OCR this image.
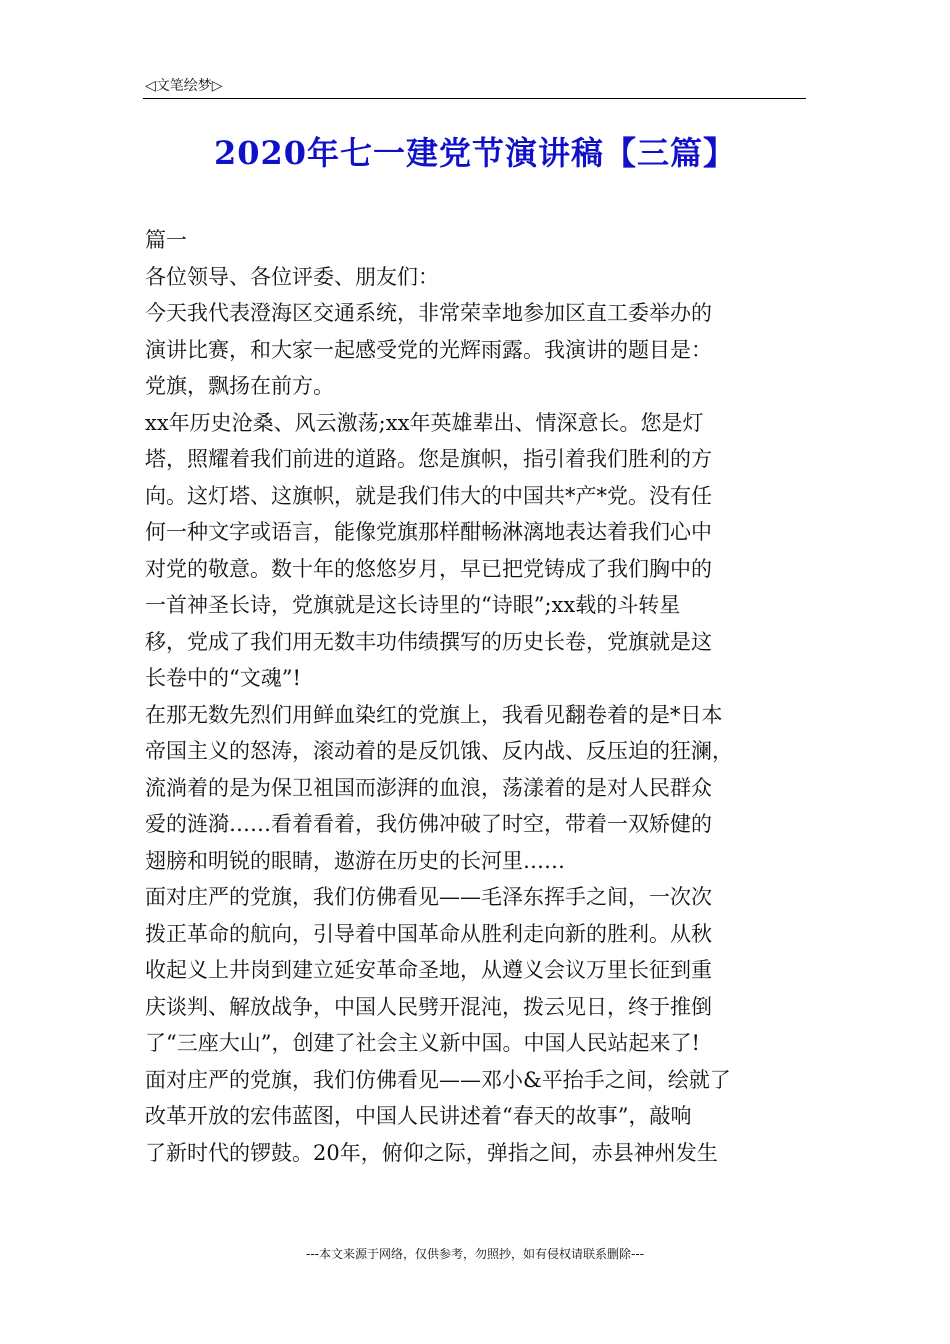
◁文笔绘梦▷
2020年七一建党节演讲稿【三篇】
篇一
各位领导、各位评委、朋友们：
今天我代表澄海区交通系统，非常荣幸地参加区直工委举办的
演讲比赛，和大家一起感受党的光辉雨露。我演讲的题目是：
党旗，飘扬在前方。
xx年历史沧桑、风云激荡;xx年英雄辈出、情深意长。您是灯
塔，照耀着我们前进的道路。您是旗帜，指引着我们胜利的方
向。这灯塔、这旗帜，就是我们伟大的中国共*产*党。没有任
何一种文字或语言，能像党旗那样酣畅淋漓地表达着我们心中
对党的敬意。数十年的悠悠岁月，早已把党铸成了我们胸中的
一首神圣长诗，党旗就是这长诗里的“诗眼”;xx载的斗转星
移，党成了我们用无数丰功伟绩撰写的历史长卷，党旗就是这
长卷中的“文魂”!
在那无数先烈们用鲜血染红的党旗上，我看见翻卷着的是*日本
帝国主义的怒涛，滚动着的是反饥饿、反内战、反压迫的狂澜，
流淌着的是为保卫祖国而澎湃的血浪，荡漾着的是对人民群众
爱的涟漪……看着看着，我仿佛冲破了时空，带着一双矫健的
翅膀和明锐的眼睛，遨游在历史的长河里……
面对庄严的党旗，我们仿佛看见——毛泽东挥手之间，一次次
拨正革命的航向，引导着中国革命从胜利走向新的胜利。从秋
收起义上井岗到建立延安革命圣地，从遵义会议万里长征到重
庆谈判、解放战争，中国人民劈开混沌，拨云见日，终于推倒
了“三座大山”，创建了社会主义新中国。中国人民站起来了!
面对庄严的党旗，我们仿佛看见——邓小&平抬手之间，绘就了
改革开放的宏伟蓝图，中国人民讲述着“春天的故事”，敲响
了新时代的锣鼓。20年，俯仰之际，弹指之间，赤县神州发生
---本文来源于网络，仅供参考，勿照抄，如有侵权请联系删除---
